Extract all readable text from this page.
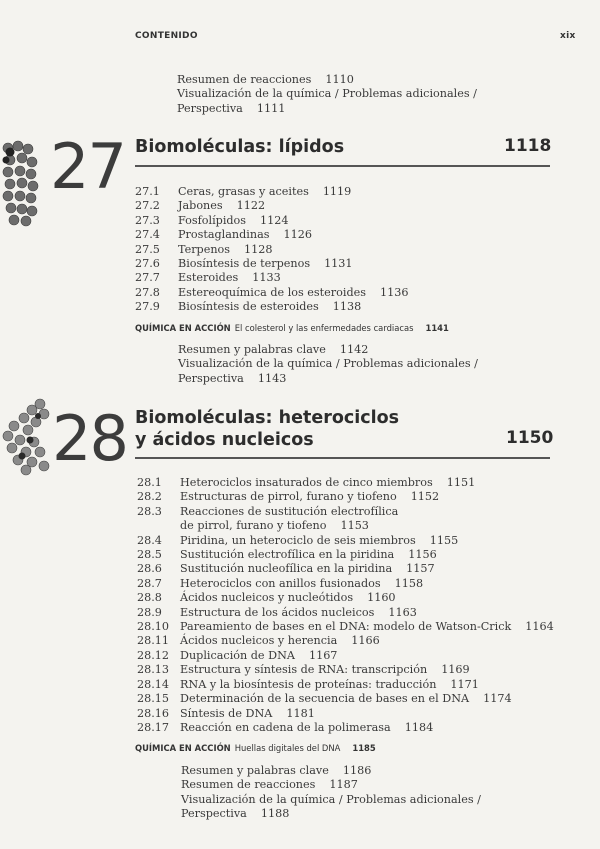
CONTENIDO	xix
Resumen de reacciones 1110
Visualización de la química / Problemas adicionales /
Perspectiva 1111
27 Biomoléculas: lípidos	1118
27.1 Ceras, grasas y aceites 1119
27.2 Jabones 1122
27.3 Fosfolípidos 1124
27.4 Prostaglandinas 1126
27.5 Terpenos 1128
27.6 Biosíntesis de terpenos 1131
27.7 Esteroides 1133
27.8 Estereoquímica de los esteroides 1136
27.9 Biosíntesis de esteroides 1138
QUÍMICA EN ACCIÓN El colesterol y las enfermedades cardiacas 1141
Resumen y palabras clave 1142
Visualización de la química / Problemas adicionales /
Perspectiva 1143
28 Biomoléculas: heterociclos
y ácidos nucleicos	1150
28.1 Heterociclos insaturados de cinco miembros 1151
28.2 Estructuras de pirrol, furano y tiofeno 1152
28.3 Reacciones de sustitución electrofílica
de pirrol, furano y tiofeno 1153
28.4 Piridina, un heterociclo de seis miembros 1155
28.5 Sustitución electrofílica en la piridina 1156
28.6 Sustitución nucleofílica en la piridina 1157
28.7 Heterociclos con anillos fusionados 1158
28.8 Ácidos nucleicos y nucleótidos 1160
28.9 Estructura de los ácidos nucleicos 1163
28.10 Pareamiento de bases en el DNA: modelo de Watson-Crick 1164
28.11 Ácidos nucleicos y herencia 1166
28.12 Duplicación de DNA 1167
28.13 Estructura y síntesis de RNA: transcripción 1169
28.14 RNA y la biosíntesis de proteínas: traducción 1171
28.15 Determinación de la secuencia de bases en el DNA 1174
28.16 Síntesis de DNA 1181
28.17 Reacción en cadena de la polimerasa 1184
QUÍMICA EN ACCIÓN Huellas digitales del DNA 1185
Resumen y palabras clave 1186
Resumen de reacciones 1187
Visualización de la química / Problemas adicionales /
Perspectiva 1188
